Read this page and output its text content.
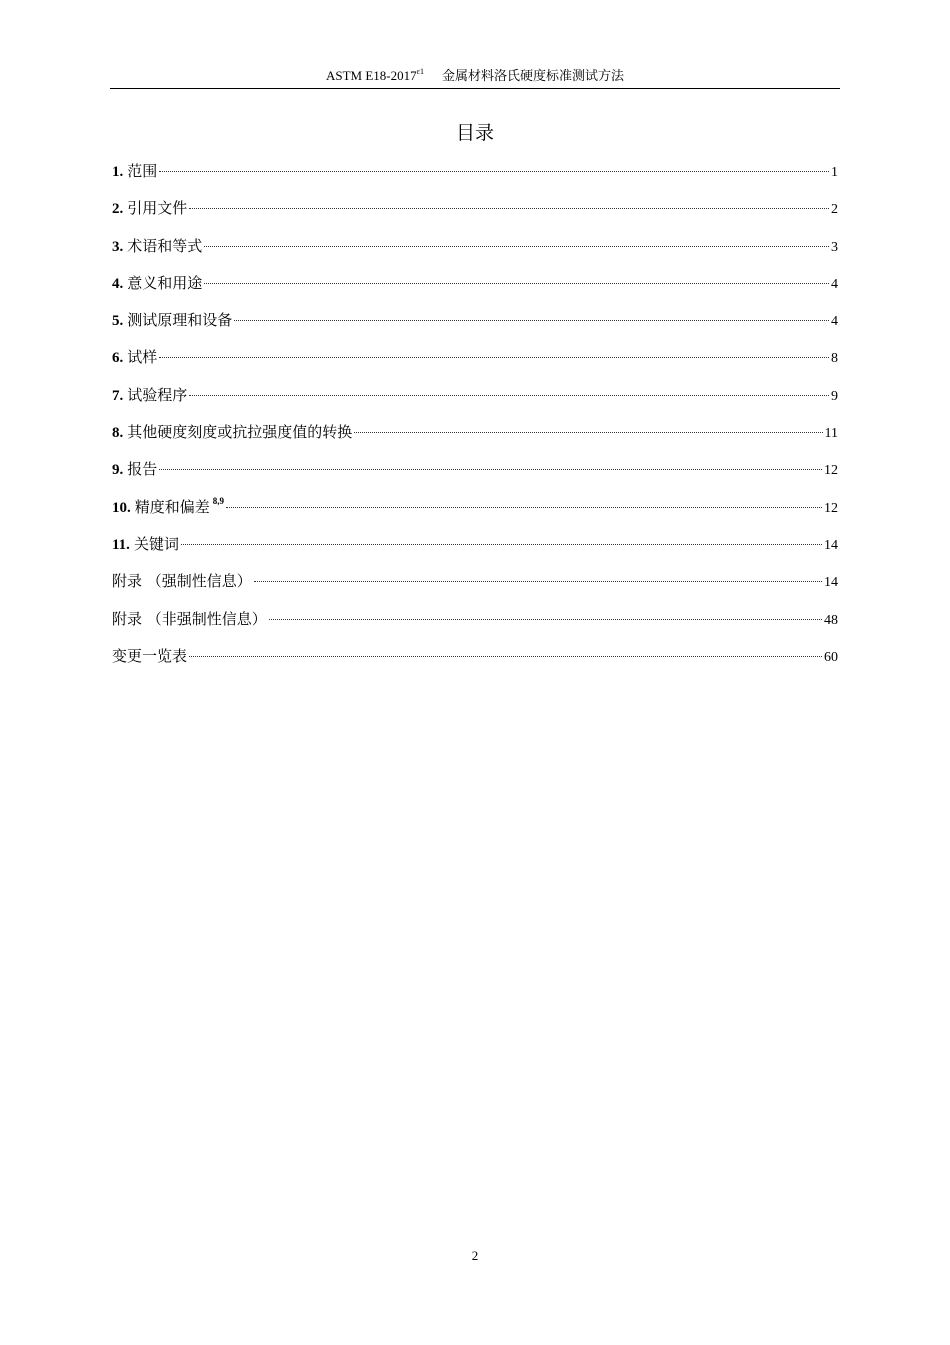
ASTM $E18-2017^{\varepsilon 1}$ 金属材料洛氏硬度标准测试方法
目录
1. 范围	1
2. 引用文件	2
3. 术语和等式	3
4. 意义和用途	4
5. 测试原理和设备	4
6. 试样	8
7. 试验程序	9
8. 其他硬度刻度或抗拉强度值的转换	11
9. 报告	12
10. 精度和偏差 $^{8,9}$	12
11. 关键词	14
附录 （强制性信息）	14
附录 （非强制性信息）	48
变更一览表	60
2
